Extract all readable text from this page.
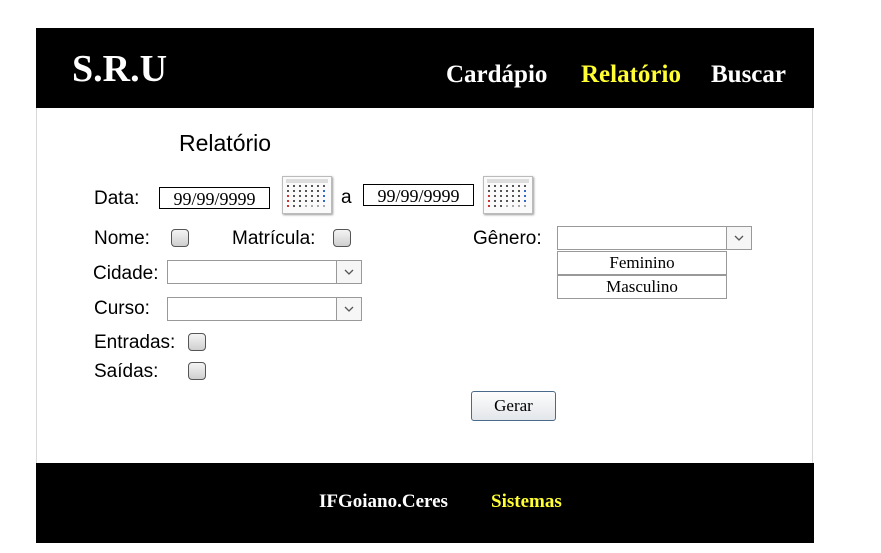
S.R.U	Cardápio Relatório Buscar
Relatório
Data:	99/99/9999	a	99/99/9999
Nome:	Matrícula:	Gênero:
Feminino
Masculino
Cidade:
Curso:
Entradas:
Saídas:
Gerar
IFGoiano.Ceres Sistemas
